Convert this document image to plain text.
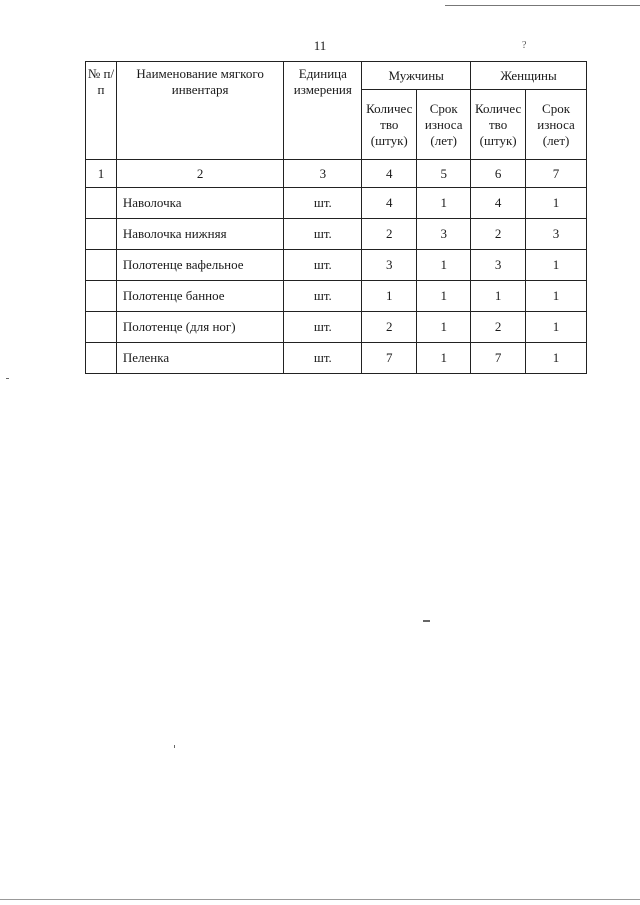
11	?
№ п/п	Наименование мягкого инвентаря	Единица измерения	Мужчины		Женщины	
			Количес тво (штук)	Срок износа (лет)	Количес тво (штук)	Срок износа (лет)
1	2	3	4	5	6	7
	Наволочка	шт.	4	1	4	1
	Наволочка нижняя	шт.	2	3	2	3
	Полотенце вафельное	шт.	3	1	3	1
	Полотенце банное	шт.	1	1	1	1
	Полотенце (для ног)	шт.	2	1	2	1
	Пеленка	шт.	7	1	7	1
